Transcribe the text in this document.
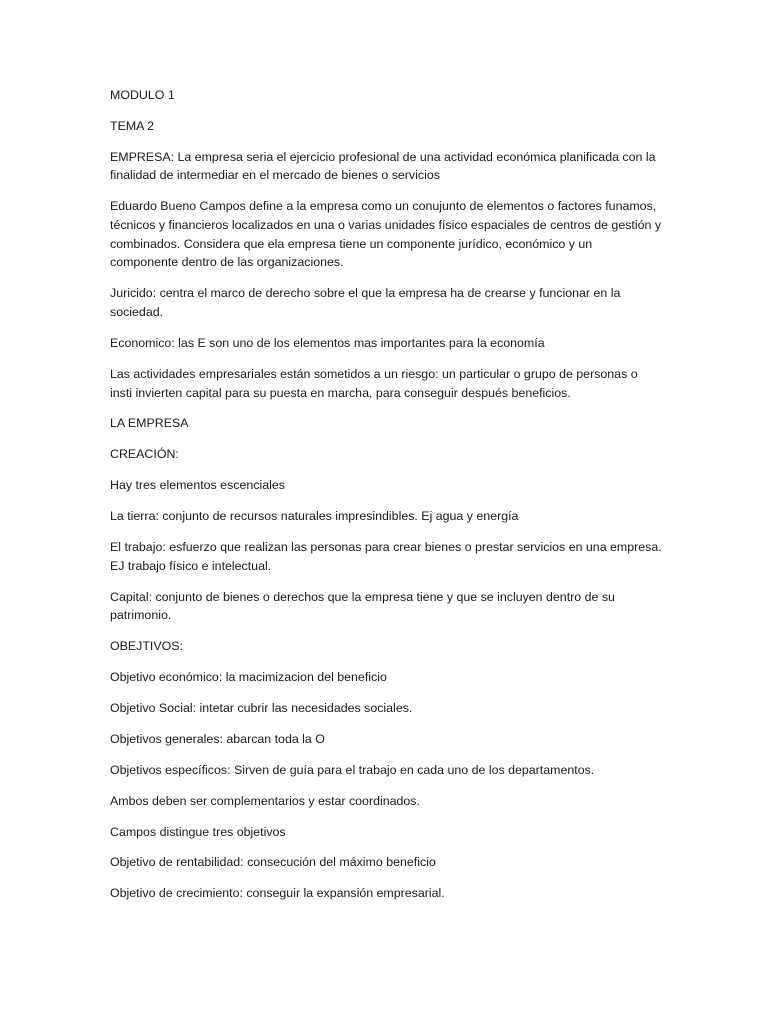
MODULO 1

TEMA 2

EMPRESA: La empresa seria el ejercicio profesional de una actividad económica planificada con la finalidad de intermediar en el mercado de bienes o servicios

Eduardo Bueno Campos define a la empresa como un conujunto de elementos o factores funamos, técnicos y financieros localizados en una o varias unidades físico espaciales de centros de gestión y combinados. Considera que ela empresa tiene un componente jurídico, económico y un componente dentro de las organizaciones.

Juricido: centra el marco de derecho sobre el que la empresa ha de crearse y funcionar en la sociedad.

Economico: las E son uno de los elementos mas importantes para la economía

Las actividades empresariales están sometidos a un riesgo: un particular o grupo de personas o insti invierten capital para su puesta en marcha, para conseguir después beneficios.

LA EMPRESA

CREACIÓN:

Hay tres elementos escenciales

La tierra: conjunto de recursos naturales impresindibles. Ej agua y energía

El trabajo: esfuerzo que realizan las personas para crear bienes o prestar servicios en una empresa. EJ trabajo físico e intelectual.

Capital: conjunto de bienes o derechos que la empresa tiene y que se incluyen dentro de su patrimonio.

OBEJTIVOS:

Objetivo económico: la macimizacion del beneficio

Objetivo Social: intetar cubrir las necesidades sociales.

Objetivos generales: abarcan toda la O

Objetivos específicos: Sirven de guía para el trabajo en cada uno de los departamentos.

Ambos deben ser complementarios y estar coordinados.

Campos distingue tres objetivos

Objetivo de rentabilidad: consecución del máximo beneficio

Objetivo de crecimiento: conseguir la expansión empresarial.
